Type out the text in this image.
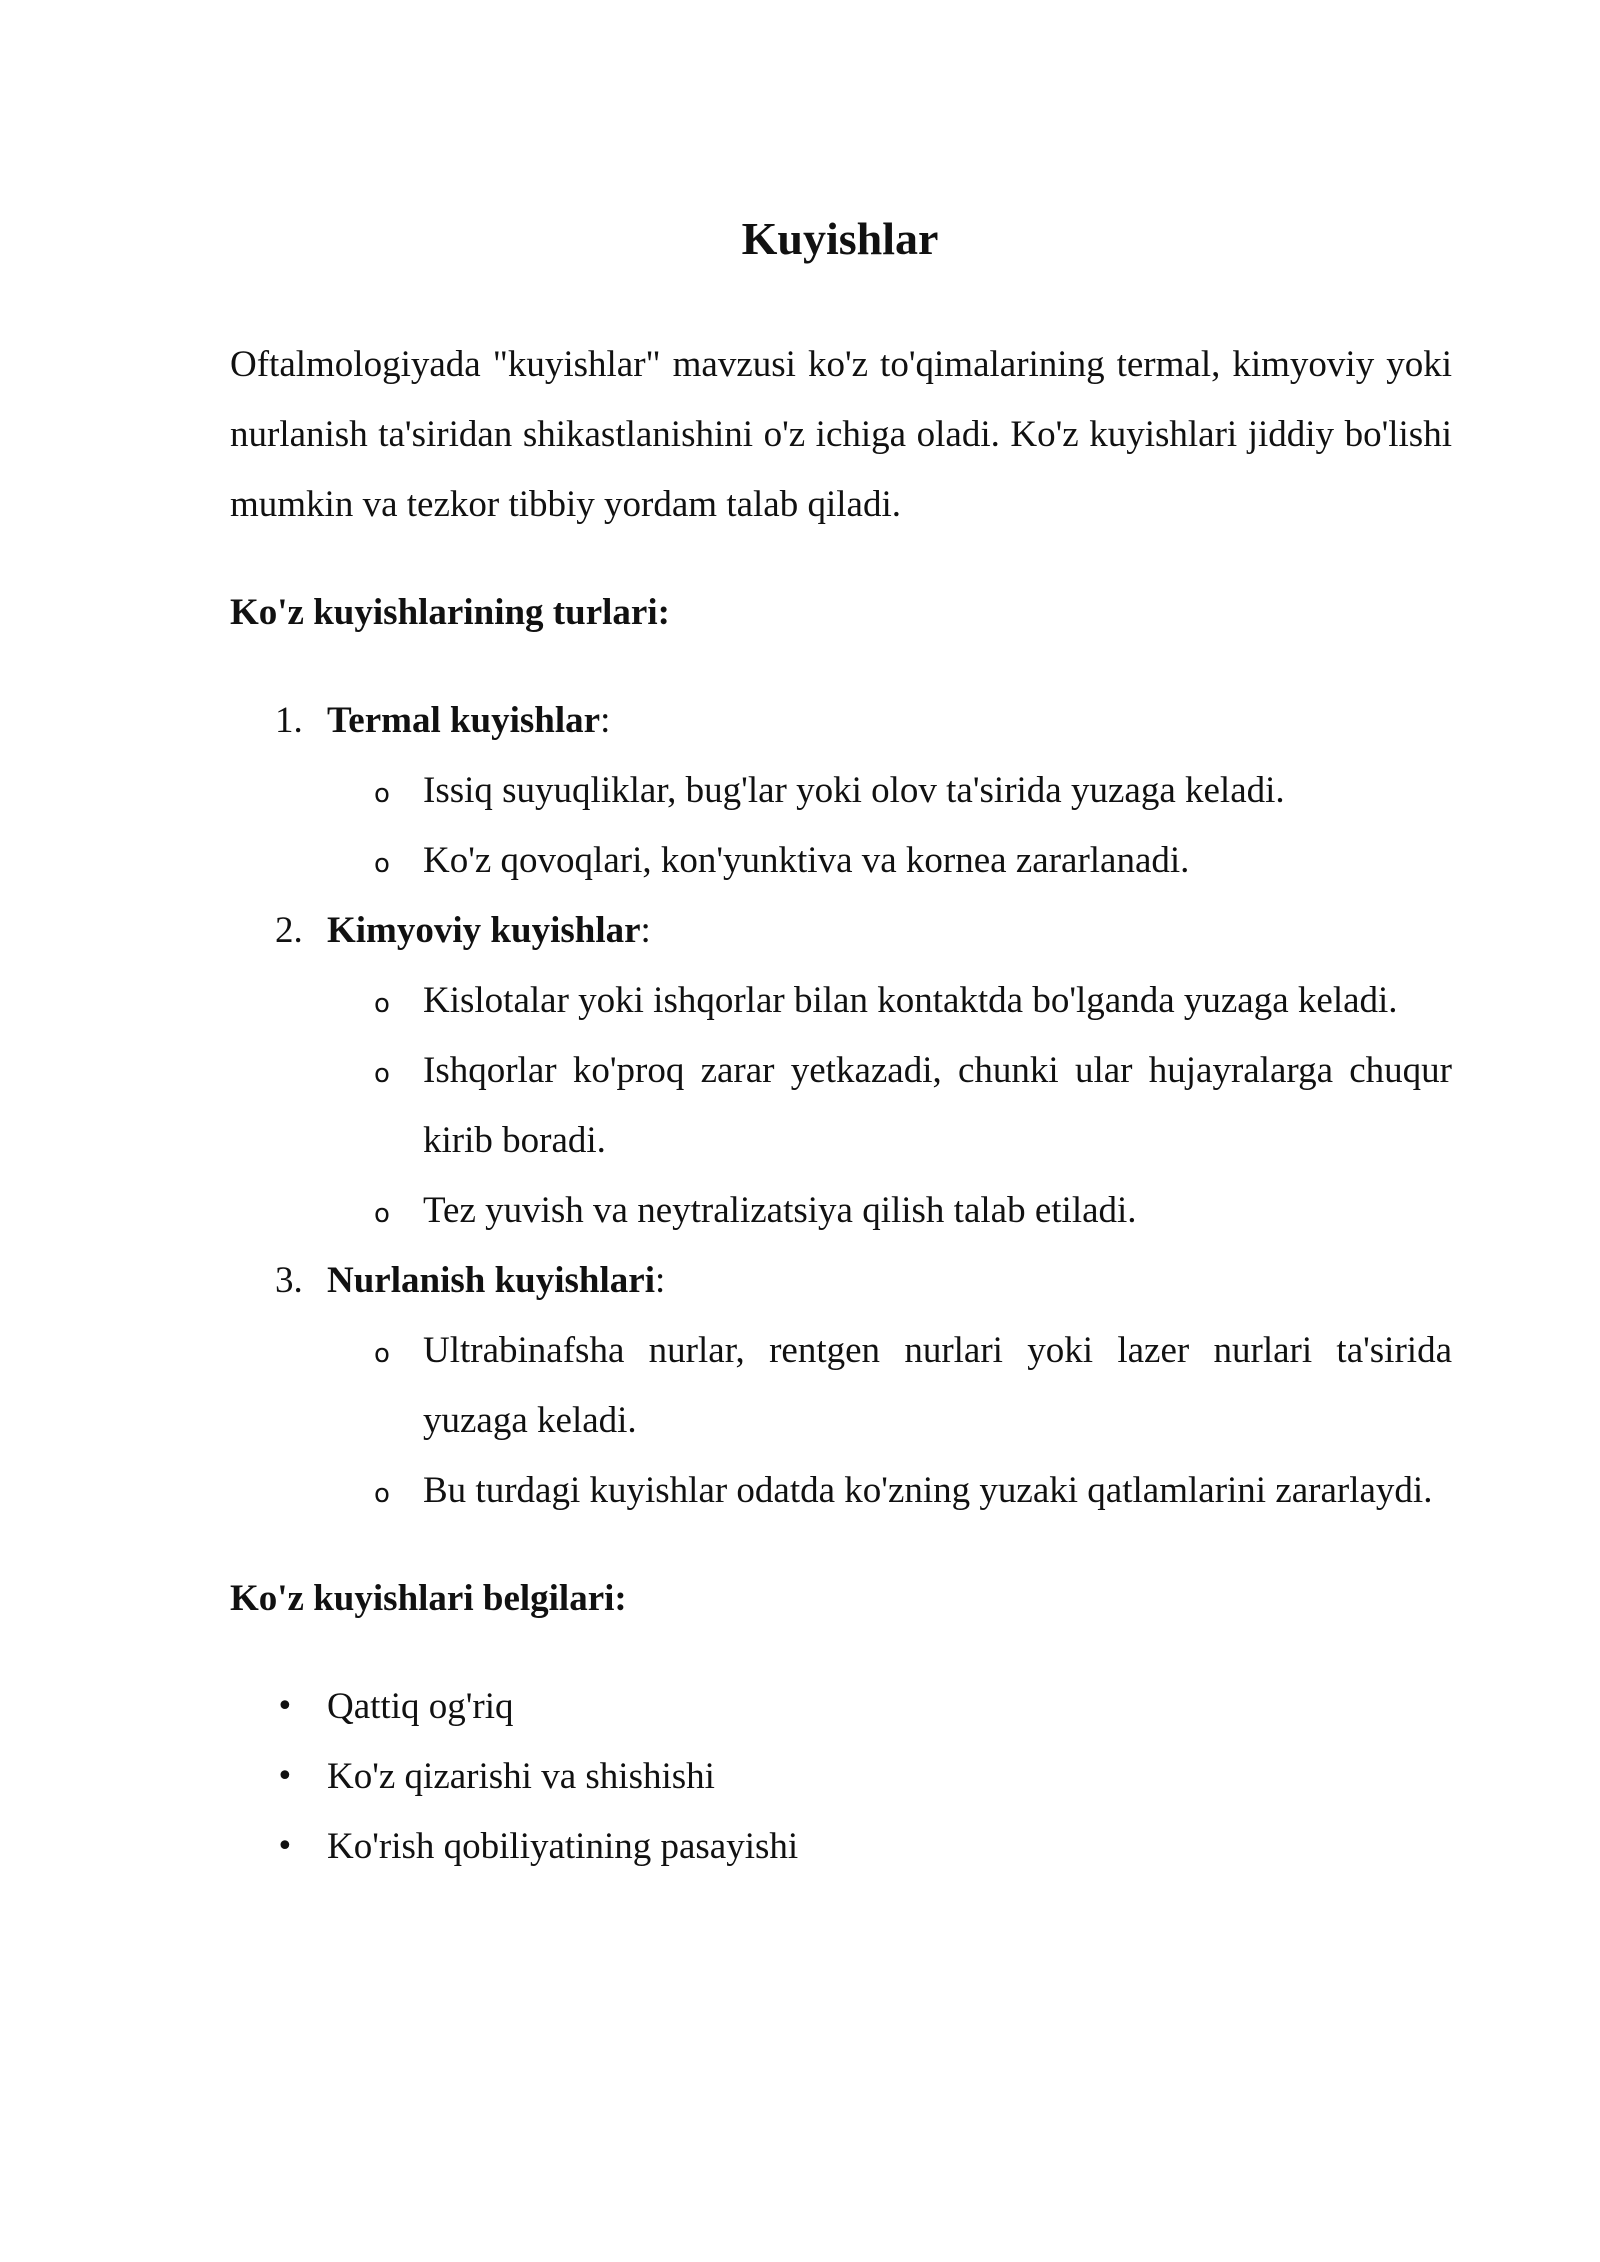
Kuyishlar

Oftalmologiyada "kuyishlar" mavzusi ko'z to'qimalarining termal, kimyoviy yoki nurlanish ta'siridan shikastlanishini o'z ichiga oladi. Ko'z kuyishlari jiddiy bo'lishi mumkin va tezkor tibbiy yordam talab qiladi.

Ko'z kuyishlarining turlari:

1. Termal kuyishlar:
o Issiq suyuqliklar, bug'lar yoki olov ta'sirida yuzaga keladi.
o Ko'z qovoqlari, kon'yunktiva va kornea zararlanadi.
2. Kimyoviy kuyishlar:
o Kislotalar yoki ishqorlar bilan kontaktda bo'lganda yuzaga keladi.
o Ishqorlar ko'proq zarar yetkazadi, chunki ular hujayralarga chuqur kirib boradi.
o Tez yuvish va neytralizatsiya qilish talab etiladi.
3. Nurlanish kuyishlari:
o Ultrabinafsha nurlar, rentgen nurlari yoki lazer nurlari ta'sirida yuzaga keladi.
o Bu turdagi kuyishlar odatda ko'zning yuzaki qatlamlarini zararlaydi.

Ko'z kuyishlari belgilari:

• Qattiq og'riq
• Ko'z qizarishi va shishishi
• Ko'rish qobiliyatining pasayishi
